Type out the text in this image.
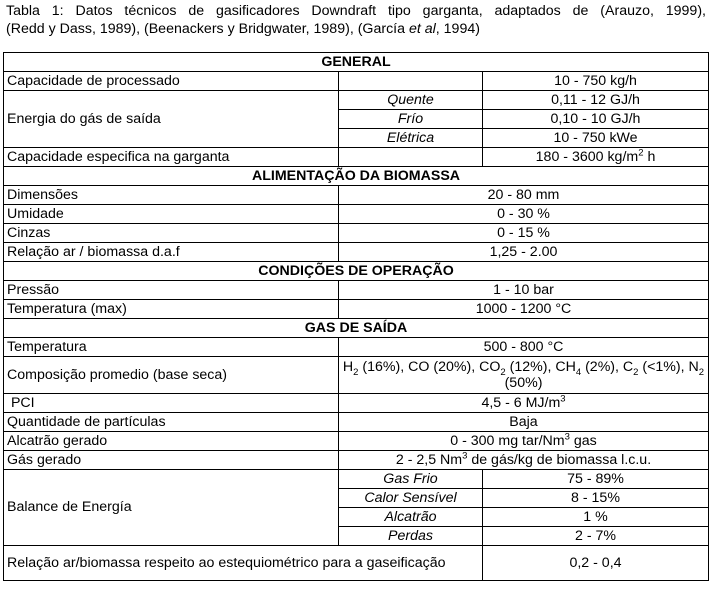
Tabla 1: Datos técnicos de gasificadores Downdraft tipo garganta, adaptados de (Arauzo, 1999),
(Redd y Dass, 1989), (Beenackers y Bridgwater, 1989), (García et al, 1994)
GENERAL		
Capacidade de processado		10 - 750 kg/h
Energia do gás de saída	Quente	0,11 - 12 GJ/h
	Frío	0,10 - 10 GJ/h
	Elétrica	10 - 750 kWe
Capacidade especifica na garganta		180 - 3600 $kg/m^2$ h
ALIMENTAÇÃO DA BIOMASSA		
Dimensões	20 - 80 mm	
Umidade	0 - 30 %	
Cinzas	0 - 15 %	
Relação ar / biomassa d.a.f	1,25 - 2.00	
CONDIÇÕES DE OPERAÇÃO		
Pressão	1 - 10 bar	
Temperatura (max)	1000 - 1200 °C	
GAS DE SAÍDA		
Temperatura	500 - 800 °C	
Composição promedio (base seca)	$H_2$ (16%), CO (20%), $CO_2$ (12%), $CH_4$ (2%), $C_2$ (<1%), $N_2$ (50%)	
PCI	4,5 - 6 $MJ/m^3$
Quantidade de partículas	Baja	
Alcatrão gerado	0 - 300 mg tar/Nm$^3$ gas	
Gás gerado	2 - 2,5 Nm$^3$ de gás/kg de biomassa l.c.u.	
Balance de Energía	Gas Frio	75 - 89%
	Calor Sensível	8 - 15%
	Alcatrão	1 %
	Perdas	2 - 7%
Relação ar/biomassa respeito ao estequiométrico para a gaseificação		0,2 - 0,4
